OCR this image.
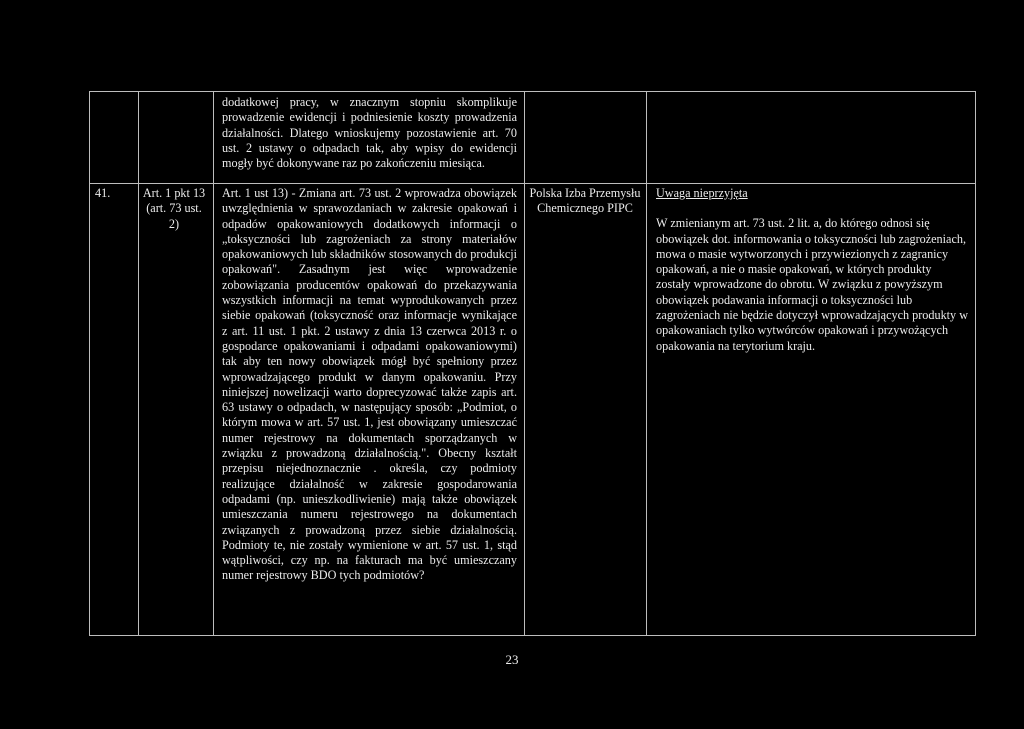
dodatkowej pracy, w znacznym stopniu skomplikuje prowadzenie ewidencji i podniesienie koszty prowadzenia działalności. Dlatego wnioskujemy pozostawienie art. 70 ust. 2 ustawy o odpadach tak, aby wpisy do ewidencji mogły być dokonywane raz po zakończeniu miesiąca.
41.	Art. 1 pkt 13 (art. 73 ust. 2)
Art. 1 ust 13) - Zmiana art. 73 ust. 2 wprowadza obowiązek uwzględnienia w sprawozdaniach w zakresie opakowań i odpadów opakowaniowych dodatkowych informacji o „toksyczności lub zagrożeniach za strony materiałów opakowaniowych lub składników stosowanych do produkcji opakowań". Zasadnym jest więc wprowadzenie zobowiązania producentów opakowań do przekazywania wszystkich informacji na temat wyprodukowanych przez siebie opakowań (toksyczność oraz informacje wynikające z art. 11 ust. 1 pkt. 2 ustawy z dnia 13 czerwca 2013 r. o gospodarce opakowaniami i odpadami opakowaniowymi) tak aby ten nowy obowiązek mógł być spełniony przez wprowadzającego produkt w danym opakowaniu. Przy niniejszej nowelizacji warto doprecyzować także zapis art. 63 ustawy o odpadach, w następujący sposób: „Podmiot, o którym mowa w art. 57 ust. 1, jest obowiązany umieszczać numer rejestrowy na dokumentach sporządzanych w związku z prowadzoną działalnością.". Obecny kształt przepisu niejednoznacznie . określa, czy podmioty realizujące działalność w zakresie gospodarowania odpadami (np. unieszkodliwienie) mają także obowiązek umieszczania numeru rejestrowego na dokumentach związanych z prowadzoną przez siebie działalnością. Podmioty te, nie zostały wymienione w art. 57 ust. 1, stąd wątpliwości, czy np. na fakturach ma być umieszczany numer rejestrowy BDO tych podmiotów?
Polska Izba Przemysłu Chemicznego PIPC

Uwaga nieprzyjęta

W zmienianym art. 73 ust. 2 lit. a, do którego odnosi się obowiązek dot. informowania o toksyczności lub zagrożeniach, mowa o masie wytworzonych i przywiezionych z zagranicy opakowań, a nie o masie opakowań, w których produkty zostały wprowadzone do obrotu. W związku z powyższym obowiązek podawania informacji o toksyczności lub zagrożeniach nie będzie dotyczył wprowadzających produkty w opakowaniach tylko wytwórców opakowań i przywożących opakowania na terytorium kraju.

23
